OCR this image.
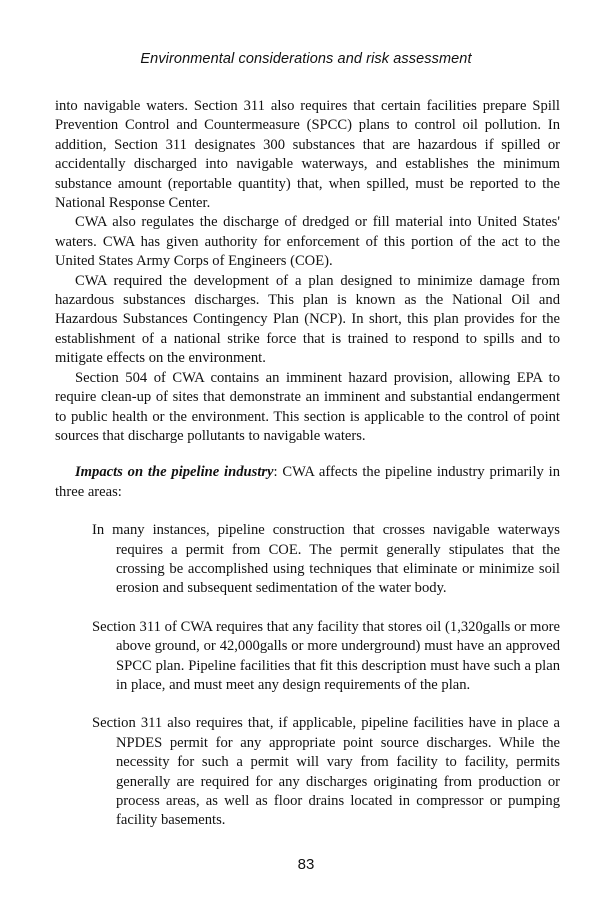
Environmental considerations and risk assessment

into navigable waters. Section 311 also requires that certain facilities prepare Spill Prevention Control and Countermeasure (SPCC) plans to control oil pollution. In addition, Section 311 designates 300 substances that are hazardous if spilled or accidentally discharged into navigable waterways, and establishes the minimum substance amount (reportable quantity) that, when spilled, must be reported to the National Response Center.

CWA also regulates the discharge of dredged or fill material into United States' waters. CWA has given authority for enforcement of this portion of the act to the United States Army Corps of Engineers (COE).

CWA required the development of a plan designed to minimize damage from hazardous substances discharges. This plan is known as the National Oil and Hazardous Substances Contingency Plan (NCP). In short, this plan provides for the establishment of a national strike force that is trained to respond to spills and to mitigate effects on the environment.

Section 504 of CWA contains an imminent hazard provision, allowing EPA to require clean-up of sites that demonstrate an imminent and substantial endangerment to public health or the environment. This section is applicable to the control of point sources that discharge pollutants to navigable waters.

Impacts on the pipeline industry: CWA affects the pipeline industry primarily in three areas:

In many instances, pipeline construction that crosses navigable waterways requires a permit from COE. The permit generally stipulates that the crossing be accomplished using techniques that eliminate or minimize soil erosion and subsequent sedimentation of the water body.

Section 311 of CWA requires that any facility that stores oil (1,320galls or more above ground, or 42,000galls or more underground) must have an approved SPCC plan. Pipeline facilities that fit this description must have such a plan in place, and must meet any design requirements of the plan.

Section 311 also requires that, if applicable, pipeline facilities have in place a NPDES permit for any appropriate point source discharges. While the necessity for such a permit will vary from facility to facility, permits generally are required for any discharges originating from production or process areas, as well as floor drains located in compressor or pumping facility basements.

83
